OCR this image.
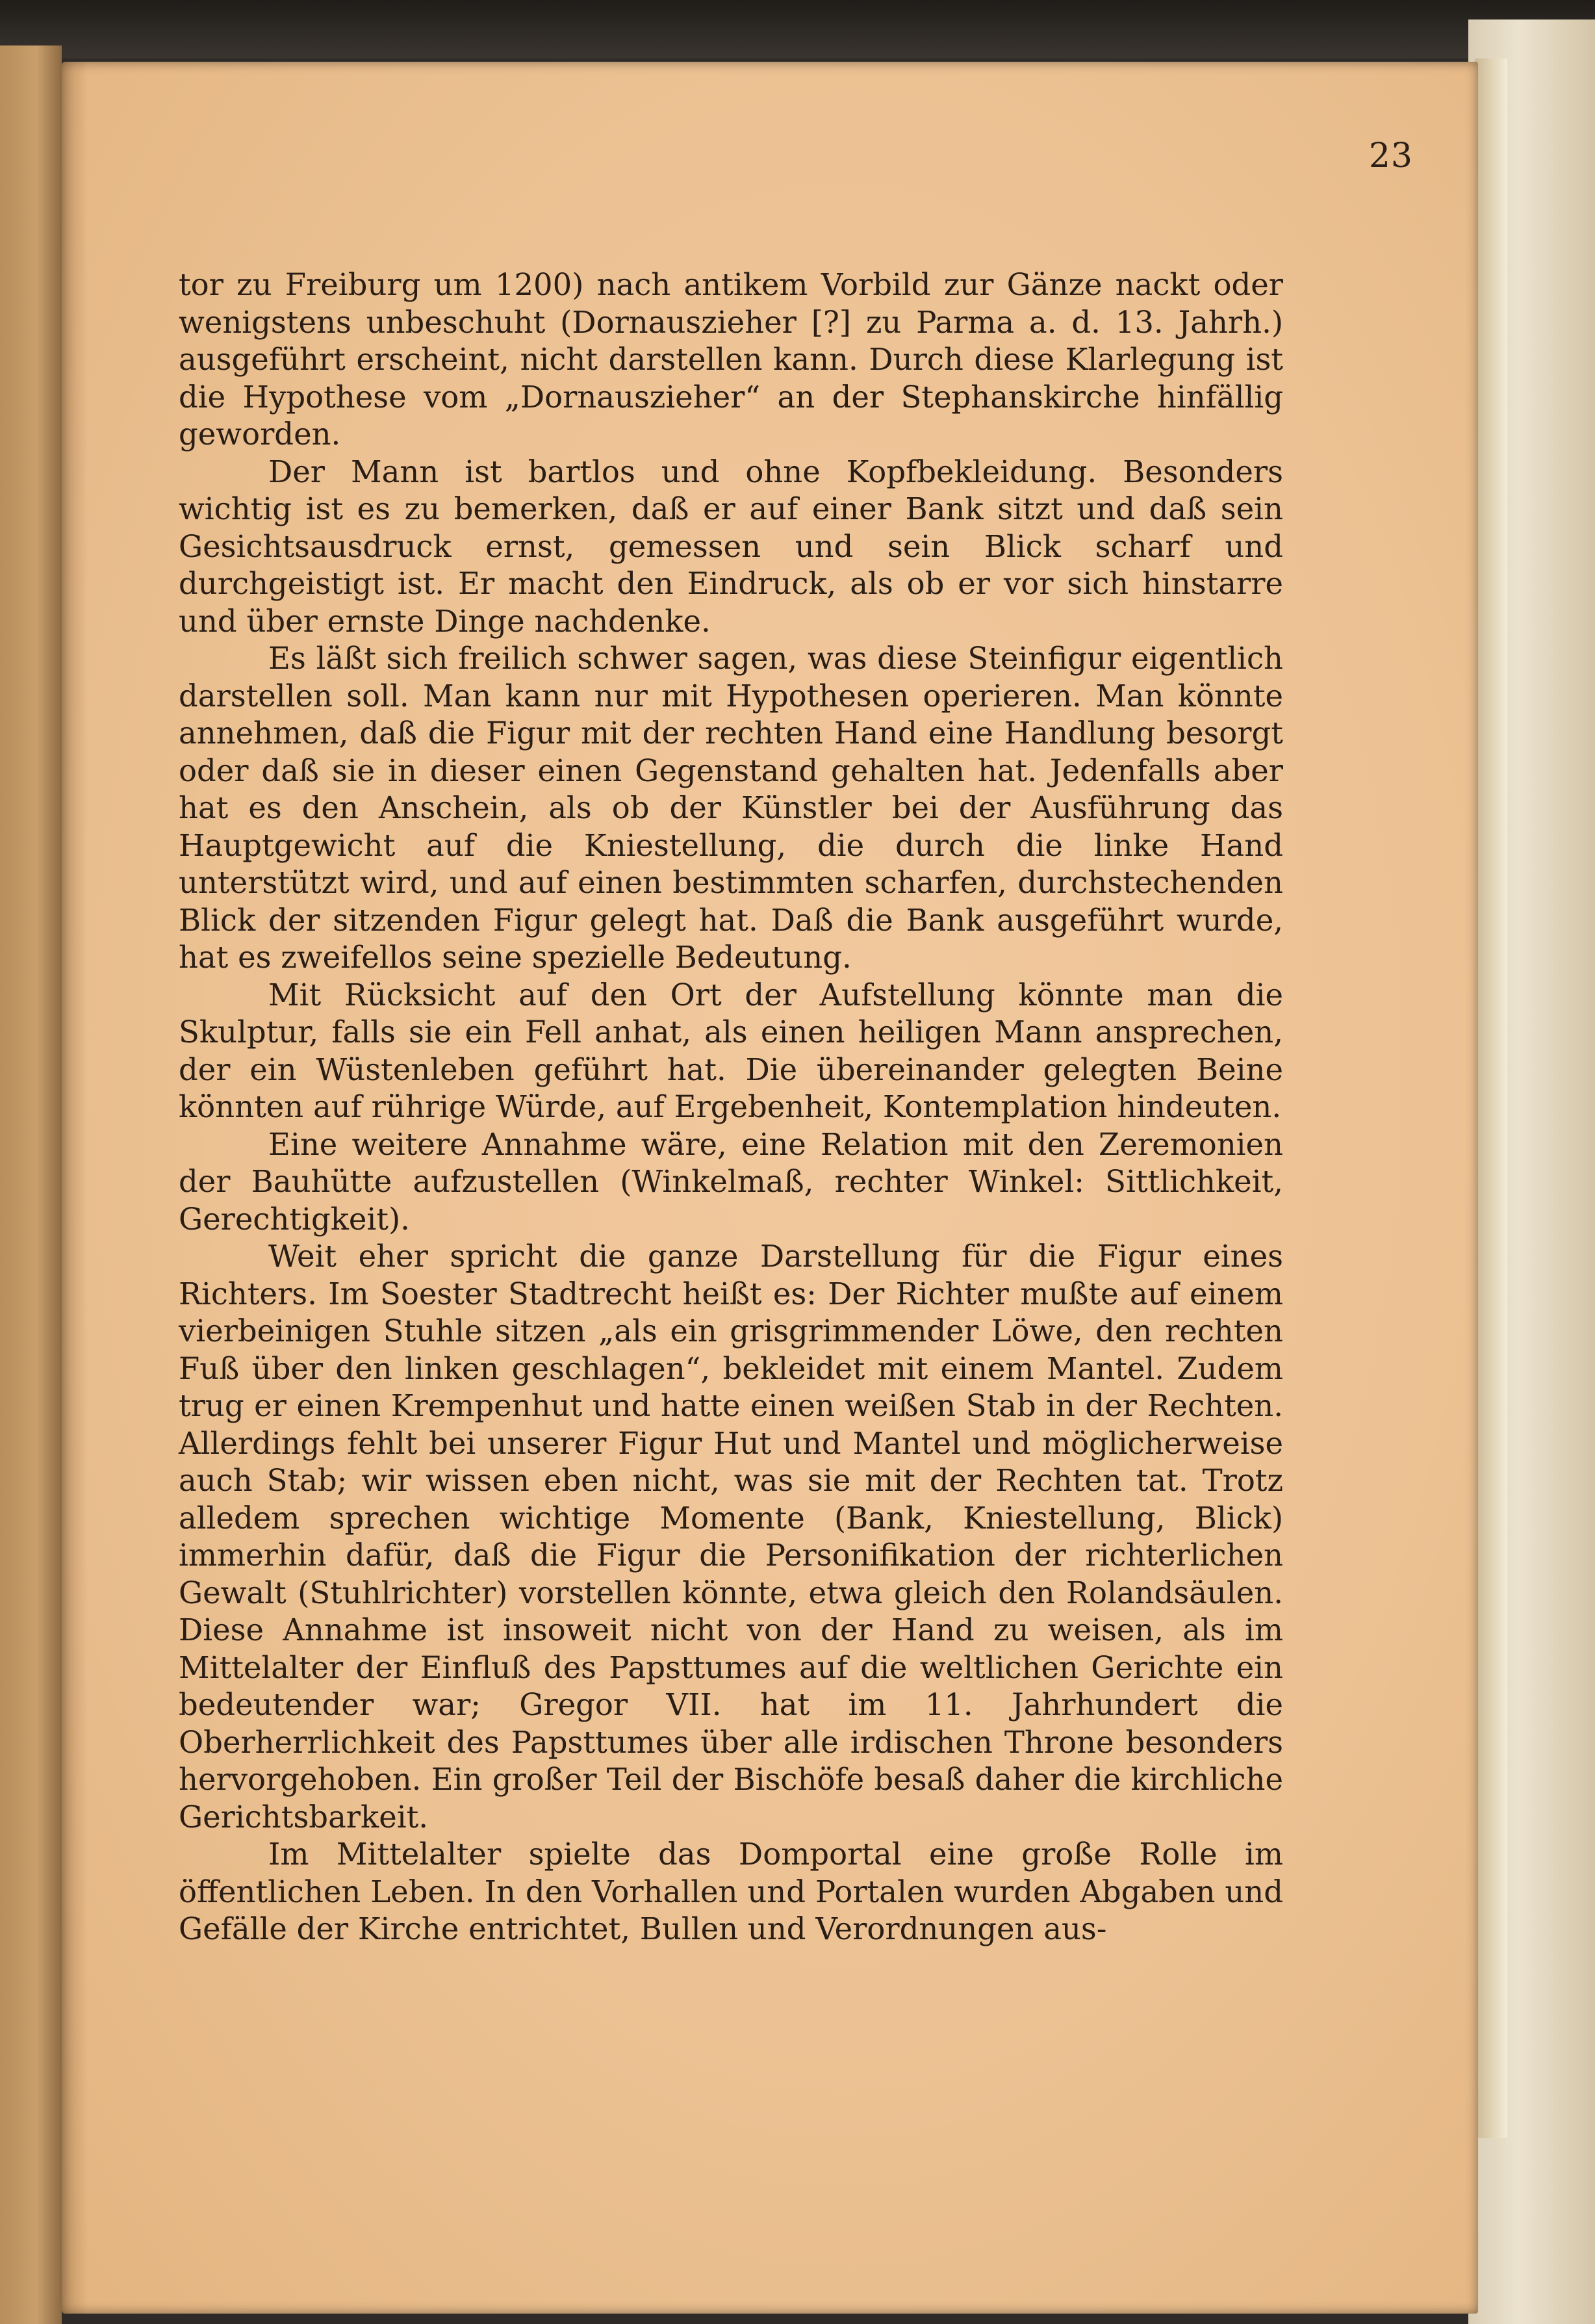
23

tor zu Freiburg um 1200) nach antikem Vorbild zur Gänze nackt oder wenigstens unbeschuht (Dornauszieher [?] zu Parma a. d. 13. Jahrh.) ausgeführt erscheint, nicht darstellen kann. Durch diese Klarlegung ist die Hypothese vom „Dornauszieher“ an der Stephanskirche hinfällig geworden.

Der Mann ist bartlos und ohne Kopfbekleidung. Besonders wichtig ist es zu bemerken, daß er auf einer Bank sitzt und daß sein Gesichtsausdruck ernst, gemessen und sein Blick scharf und durchgeistigt ist. Er macht den Eindruck, als ob er vor sich hinstarre und über ernste Dinge nachdenke.

Es läßt sich freilich schwer sagen, was diese Steinfigur eigentlich darstellen soll. Man kann nur mit Hypothesen operieren. Man könnte annehmen, daß die Figur mit der rechten Hand eine Handlung besorgt oder daß sie in dieser einen Gegenstand gehalten hat. Jedenfalls aber hat es den Anschein, als ob der Künstler bei der Ausführung das Hauptgewicht auf die Kniestellung, die durch die linke Hand unterstützt wird, und auf einen bestimmten scharfen, durchstechenden Blick der sitzenden Figur gelegt hat. Daß die Bank ausgeführt wurde, hat es zweifellos seine spezielle Bedeutung.

Mit Rücksicht auf den Ort der Aufstellung könnte man die Skulptur, falls sie ein Fell anhat, als einen heiligen Mann ansprechen, der ein Wüstenleben geführt hat. Die übereinander gelegten Beine könnten auf rührige Würde, auf Ergebenheit, Kontemplation hindeuten.

Eine weitere Annahme wäre, eine Relation mit den Zeremonien der Bauhütte aufzustellen (Winkelmaß, rechter Winkel: Sittlichkeit, Gerechtigkeit).

Weit eher spricht die ganze Darstellung für die Figur eines Richters. Im Soester Stadtrecht heißt es: Der Richter mußte auf einem vierbeinigen Stuhle sitzen „als ein grisgrimmender Löwe, den rechten Fuß über den linken geschlagen“, bekleidet mit einem Mantel. Zudem trug er einen Krempenhut und hatte einen weißen Stab in der Rechten. Allerdings fehlt bei unserer Figur Hut und Mantel und möglicherweise auch Stab; wir wissen eben nicht, was sie mit der Rechten tat. Trotz alledem sprechen wichtige Momente (Bank, Kniestellung, Blick) immerhin dafür, daß die Figur die Personifikation der richterlichen Gewalt (Stuhlrichter) vorstellen könnte, etwa gleich den Rolandsäulen. Diese Annahme ist insoweit nicht von der Hand zu weisen, als im Mittelalter der Einfluß des Papsttumes auf die weltlichen Gerichte ein bedeutender war; Gregor VII. hat im 11. Jahrhundert die Oberherrlichkeit des Papsttumes über alle irdischen Throne besonders hervorgehoben. Ein großer Teil der Bischöfe besaß daher die kirchliche Gerichtsbarkeit.

Im Mittelalter spielte das Domportal eine große Rolle im öffentlichen Leben. In den Vorhallen und Portalen wurden Abgaben und Gefälle der Kirche entrichtet, Bullen und Verordnungen aus-
